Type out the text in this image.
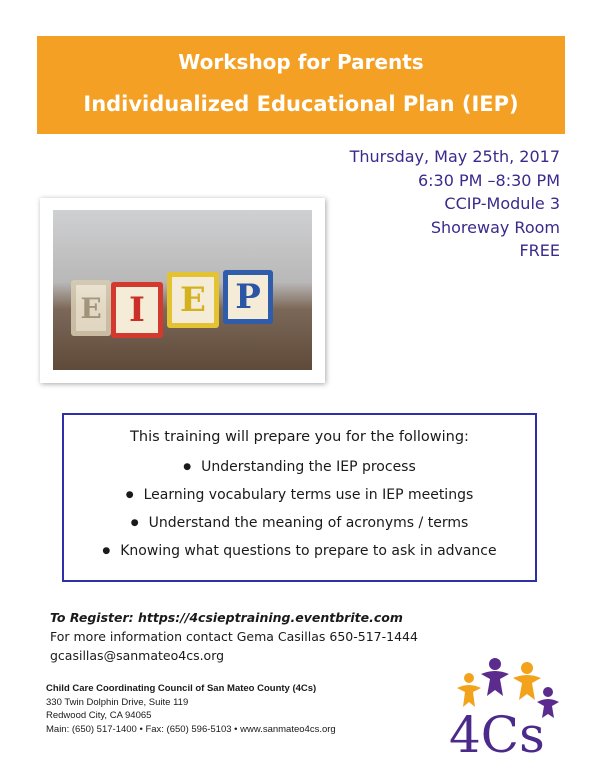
Workshop for Parents
Individualized Educational Plan (IEP)
Thursday, May 25th, 2017
6:30 PM –8:30 PM
CCIP-Module 3
Shoreway Room
FREE
E I	E P
This training will prepare you for the following:
● Understanding the IEP process
● Learning vocabulary terms use in IEP meetings
● Understand the meaning of acronyms / terms
● Knowing what questions to prepare to ask in advance
To Register: https://4csieptraining.eventbrite.com
For more information contact Gema Casillas 650-517-1444
gcasillas@sanmateo4cs.org
Child Care Coordinating Council of San Mateo County (4Cs)
330 Twin Dolphin Drive, Suite 119
Redwood City, CA 94065
Main: (650) 517-1400 • Fax: (650) 596-5103 • www.sanmateo4cs.org 4Cs
